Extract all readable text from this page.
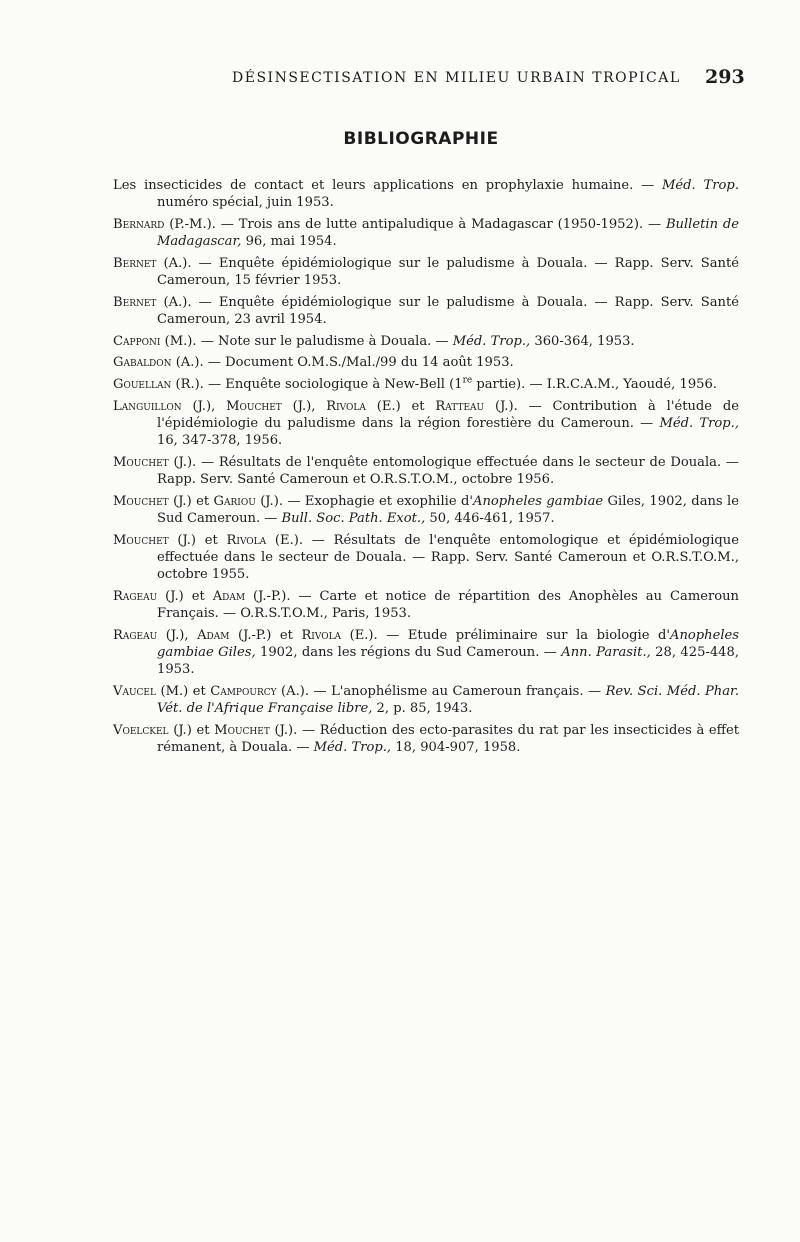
DÉSINSECTISATION EN MILIEU URBAIN TROPICAL 293
BIBLIOGRAPHIE

Les insecticides de contact et leurs applications en prophylaxie humaine. — Méd. Trop. numéro spécial, juin 1953.

Bernard (P.-M.). — Trois ans de lutte antipaludique à Madagascar (1950-1952). — Bulletin de Madagascar, 96, mai 1954.

Bernet (A.). — Enquête épidémiologique sur le paludisme à Douala. — Rapp. Serv. Santé Cameroun, 15 février 1953.

Bernet (A.). — Enquête épidémiologique sur le paludisme à Douala. — Rapp. Serv. Santé Cameroun, 23 avril 1954.

Capponi (M.). — Note sur le paludisme à Douala. — Méd. Trop., 360-364, 1953.

Gabaldon (A.). — Document O.M.S./Mal./99 du 14 août 1953.

Gouellan (R.). — Enquête sociologique à New-Bell (1re partie). — I.R.C.A.M., Yaoudé, 1956.

Languillon (J.), Mouchet (J.), Rivola (E.) et Ratteau (J.). — Contribution à l'étude de l'épidémiologie du paludisme dans la région forestière du Cameroun. — Méd. Trop., 16, 347-378, 1956.

Mouchet (J.). — Résultats de l'enquête entomologique effectuée dans le secteur de Douala. — Rapp. Serv. Santé Cameroun et O.R.S.T.O.M., octobre 1956.

Mouchet (J.) et Gariou (J.). — Exophagie et exophilie d'Anopheles gambiae Giles, 1902, dans le Sud Cameroun. — Bull. Soc. Path. Exot., 50, 446-461, 1957.

Mouchet (J.) et Rivola (E.). — Résultats de l'enquête entomologique et épidémiologique effectuée dans le secteur de Douala. — Rapp. Serv. Santé Cameroun et O.R.S.T.O.M., octobre 1955.

Rageau (J.) et Adam (J.-P.). — Carte et notice de répartition des Anophèles au Cameroun Français. — O.R.S.T.O.M., Paris, 1953.

Rageau (J.), Adam (J.-P.) et Rivola (E.). — Etude préliminaire sur la biologie d'Anopheles gambiae Giles, 1902, dans les régions du Sud Cameroun. — Ann. Parasit., 28, 425-448, 1953.

Vaucel (M.) et Campourcy (A.). — L'anophélisme au Cameroun français. — Rev. Sci. Méd. Phar. Vét. de l'Afrique Française libre, 2, p. 85, 1943.

Voelckel (J.) et Mouchet (J.). — Réduction des ecto-parasites du rat par les insecticides à effet rémanent, à Douala. — Méd. Trop., 18, 904-907, 1958.
